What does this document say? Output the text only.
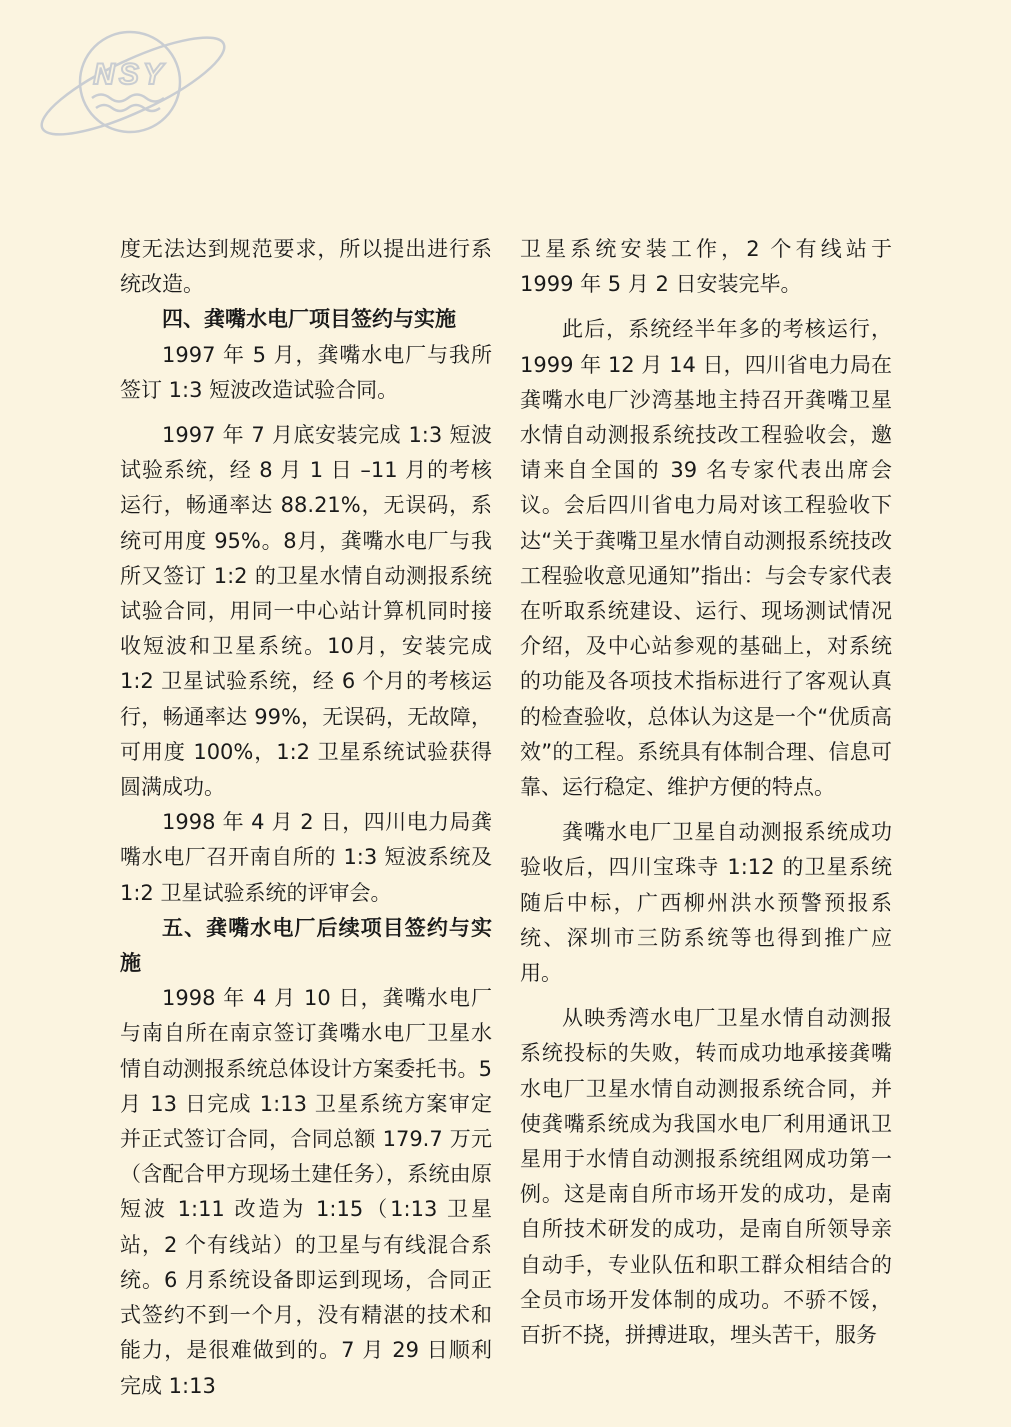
NSY

度无法达到规范要求，所以提出进行系统改造。

四、龚嘴水电厂项目签约与实施

1997 年 5 月，龚嘴水电厂与我所签订 1:3 短波改造试验合同。

1997 年 7 月底安装完成 1:3 短波试验系统，经 8 月 1 日 –11 月的考核运行，畅通率达 88.21%，无误码，系统可用度 95%。8月，龚嘴水电厂与我所又签订 1:2 的卫星水情自动测报系统试验合同，用同一中心站计算机同时接收短波和卫星系统。10月，安装完成 1:2 卫星试验系统，经 6 个月的考核运行，畅通率达 99%，无误码，无故障，可用度 100%，1:2 卫星系统试验获得圆满成功。

1998 年 4 月 2 日，四川电力局龚嘴水电厂召开南自所的 1:3 短波系统及 1:2 卫星试验系统的评审会。

五、龚嘴水电厂后续项目签约与实施

1998 年 4 月 10 日，龚嘴水电厂与南自所在南京签订龚嘴水电厂卫星水情自动测报系统总体设计方案委托书。5 月 13 日完成 1:13 卫星系统方案审定并正式签订合同，合同总额 179.7 万元（含配合甲方现场土建任务），系统由原短波 1:11 改造为 1:15（1:13 卫星站，2 个有线站）的卫星与有线混合系统。6 月系统设备即运到现场，合同正式签约不到一个月，没有精湛的技术和能力，是很难做到的。7 月 29 日顺利完成 1:13

卫星系统安装工作，2 个有线站于 1999 年 5 月 2 日安装完毕。

此后，系统经半年多的考核运行，1999 年 12 月 14 日，四川省电力局在龚嘴水电厂沙湾基地主持召开龚嘴卫星水情自动测报系统技改工程验收会，邀请来自全国的 39 名专家代表出席会议。会后四川省电力局对该工程验收下达“关于龚嘴卫星水情自动测报系统技改工程验收意见通知”指出：与会专家代表在听取系统建设、运行、现场测试情况介绍，及中心站参观的基础上，对系统的功能及各项技术指标进行了客观认真的检查验收，总体认为这是一个“优质高效”的工程。系统具有体制合理、信息可靠、运行稳定、维护方便的特点。

龚嘴水电厂卫星自动测报系统成功验收后，四川宝珠寺 1:12 的卫星系统随后中标，广西柳州洪水预警预报系统、深圳市三防系统等也得到推广应用。

从映秀湾水电厂卫星水情自动测报系统投标的失败，转而成功地承接龚嘴水电厂卫星水情自动测报系统合同，并使龚嘴系统成为我国水电厂利用通讯卫星用于水情自动测报系统组网成功第一例。这是南自所市场开发的成功，是南自所技术研发的成功，是南自所领导亲自动手，专业队伍和职工群众相结合的全员市场开发体制的成功。不骄不馁，百折不挠，拼搏进取，埋头苦干，服务
